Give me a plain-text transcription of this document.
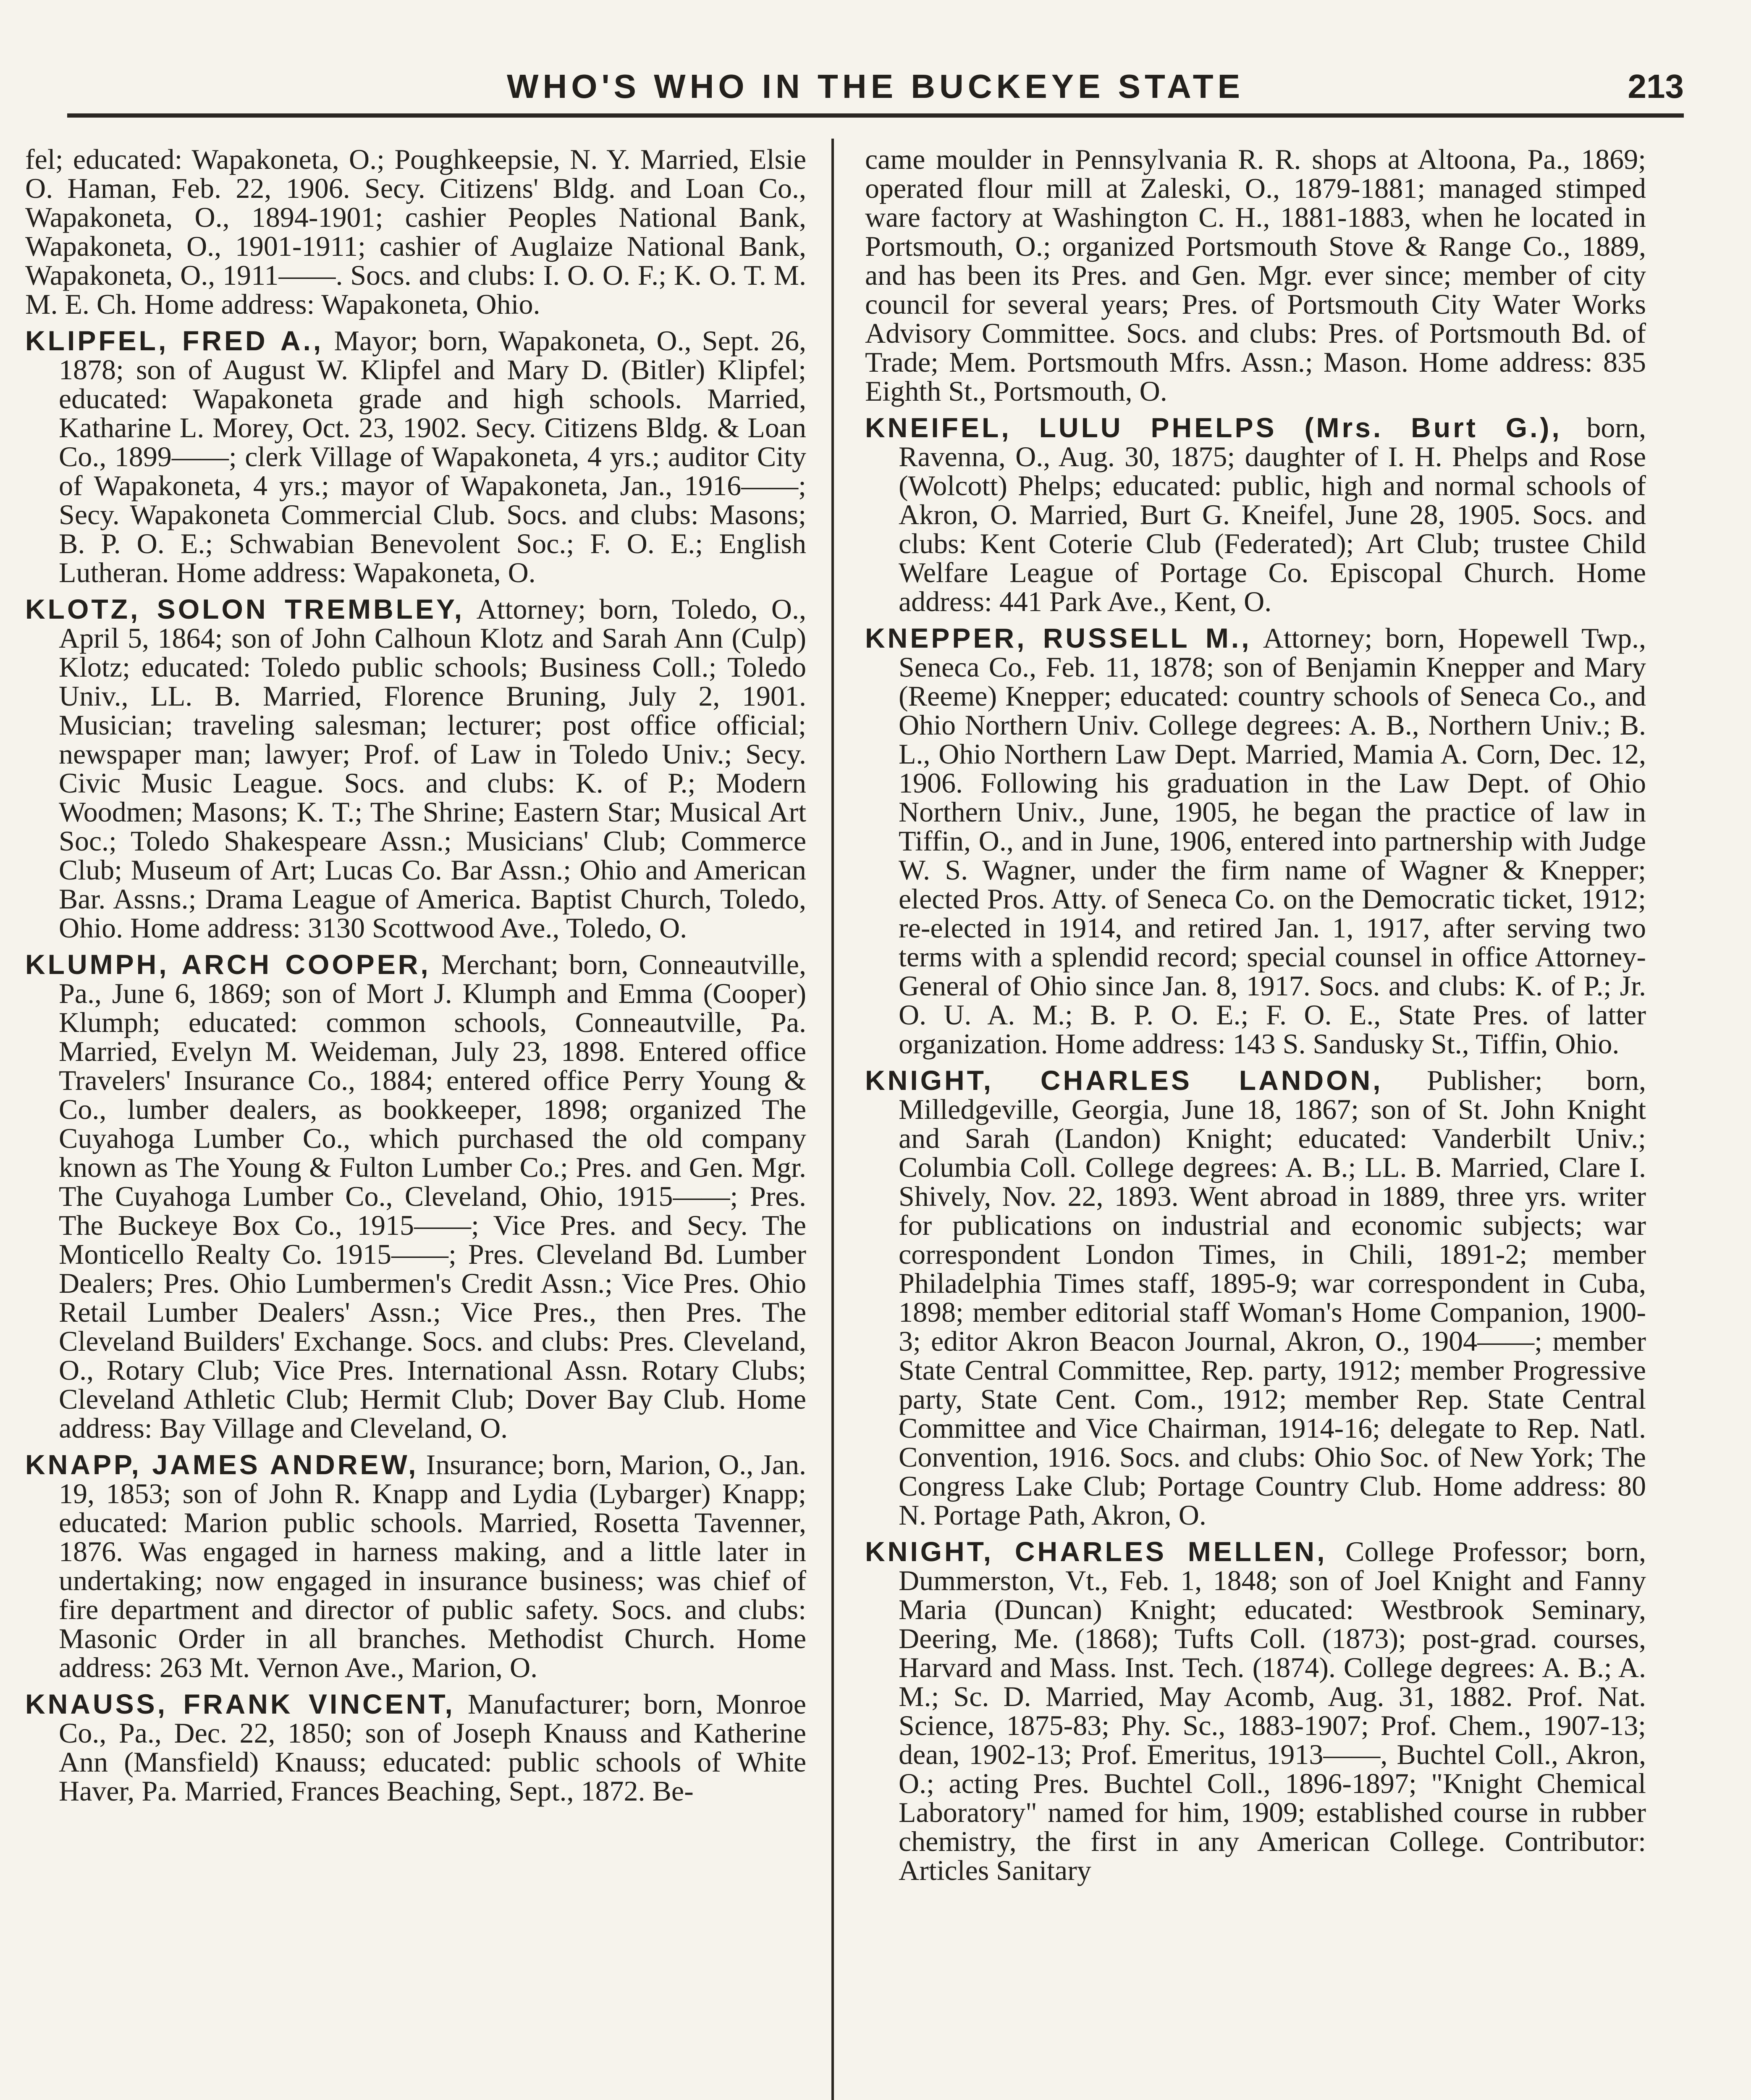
WHO'S WHO IN THE BUCKEYE STATE	213

fel; educated: Wapakoneta, O.; Poughkeepsie, N. Y. Married, Elsie O. Haman, Feb. 22, 1906. Secy. Citizens' Bldg. and Loan Co., Wapakoneta, O., 1894-1901; cashier Peoples National Bank, Wapakoneta, O., 1901-1911; cashier of Auglaize National Bank, Wapakoneta, O., 1911——. Socs. and clubs: I. O. O. F.; K. O. T. M. M. E. Ch. Home address: Wapakoneta, Ohio.

KLIPFEL, FRED A., Mayor; born, Wapakoneta, O., Sept. 26, 1878; son of August W. Klipfel and Mary D. (Bitler) Klipfel; educated: Wapakoneta grade and high schools. Married, Katharine L. Morey, Oct. 23, 1902. Secy. Citizens Bldg. & Loan Co., 1899——; clerk Village of Wapakoneta, 4 yrs.; auditor City of Wapakoneta, 4 yrs.; mayor of Wapakoneta, Jan., 1916——; Secy. Wapakoneta Commercial Club. Socs. and clubs: Masons; B. P. O. E.; Schwabian Benevolent Soc.; F. O. E.; English Lutheran. Home address: Wapakoneta, O.

KLOTZ, SOLON TREMBLEY, Attorney; born, Toledo, O., April 5, 1864; son of John Calhoun Klotz and Sarah Ann (Culp) Klotz; educated: Toledo public schools; Business Coll.; Toledo Univ., LL. B. Married, Florence Bruning, July 2, 1901. Musician; traveling salesman; lecturer; post office official; newspaper man; lawyer; Prof. of Law in Toledo Univ.; Secy. Civic Music League. Socs. and clubs: K. of P.; Modern Woodmen; Masons; K. T.; The Shrine; Eastern Star; Musical Art Soc.; Toledo Shakespeare Assn.; Musicians' Club; Commerce Club; Museum of Art; Lucas Co. Bar Assn.; Ohio and American Bar. Assns.; Drama League of America. Baptist Church, Toledo, Ohio. Home address: 3130 Scottwood Ave., Toledo, O.

KLUMPH, ARCH COOPER, Merchant; born, Conneautville, Pa., June 6, 1869; son of Mort J. Klumph and Emma (Cooper) Klumph; educated: common schools, Conneautville, Pa. Married, Evelyn M. Weideman, July 23, 1898. Entered office Travelers' Insurance Co., 1884; entered office Perry Young & Co., lumber dealers, as bookkeeper, 1898; organized The Cuyahoga Lumber Co., which purchased the old company known as The Young & Fulton Lumber Co.; Pres. and Gen. Mgr. The Cuyahoga Lumber Co., Cleveland, Ohio, 1915——; Pres. The Buckeye Box Co., 1915——; Vice Pres. and Secy. The Monticello Realty Co. 1915——; Pres. Cleveland Bd. Lumber Dealers; Pres. Ohio Lumbermen's Credit Assn.; Vice Pres. Ohio Retail Lumber Dealers' Assn.; Vice Pres., then Pres. The Cleveland Builders' Exchange. Socs. and clubs: Pres. Cleveland, O., Rotary Club; Vice Pres. International Assn. Rotary Clubs; Cleveland Athletic Club; Hermit Club; Dover Bay Club. Home address: Bay Village and Cleveland, O.

KNAPP, JAMES ANDREW, Insurance; born, Marion, O., Jan. 19, 1853; son of John R. Knapp and Lydia (Lybarger) Knapp; educated: Marion public schools. Married, Rosetta Tavenner, 1876. Was engaged in harness making, and a little later in undertaking; now engaged in insurance business; was chief of fire department and director of public safety. Socs. and clubs: Masonic Order in all branches. Methodist Church. Home address: 263 Mt. Vernon Ave., Marion, O.

KNAUSS, FRANK VINCENT, Manufacturer; born, Monroe Co., Pa., Dec. 22, 1850; son of Joseph Knauss and Katherine Ann (Mansfield) Knauss; educated: public schools of White Haver, Pa. Married, Frances Beaching, Sept., 1872. Be-

came moulder in Pennsylvania R. R. shops at Altoona, Pa., 1869; operated flour mill at Zaleski, O., 1879-1881; managed stimped ware factory at Washington C. H., 1881-1883, when he located in Portsmouth, O.; organized Portsmouth Stove & Range Co., 1889, and has been its Pres. and Gen. Mgr. ever since; member of city council for several years; Pres. of Portsmouth City Water Works Advisory Committee. Socs. and clubs: Pres. of Portsmouth Bd. of Trade; Mem. Portsmouth Mfrs. Assn.; Mason. Home address: 835 Eighth St., Portsmouth, O.

KNEIFEL, LULU PHELPS (Mrs. Burt G.), born, Ravenna, O., Aug. 30, 1875; daughter of I. H. Phelps and Rose (Wolcott) Phelps; educated: public, high and normal schools of Akron, O. Married, Burt G. Kneifel, June 28, 1905. Socs. and clubs: Kent Coterie Club (Federated); Art Club; trustee Child Welfare League of Portage Co. Episcopal Church. Home address: 441 Park Ave., Kent, O.

KNEPPER, RUSSELL M., Attorney; born, Hopewell Twp., Seneca Co., Feb. 11, 1878; son of Benjamin Knepper and Mary (Reeme) Knepper; educated: country schools of Seneca Co., and Ohio Northern Univ. College degrees: A. B., Northern Univ.; B. L., Ohio Northern Law Dept. Married, Mamia A. Corn, Dec. 12, 1906. Following his graduation in the Law Dept. of Ohio Northern Univ., June, 1905, he began the practice of law in Tiffin, O., and in June, 1906, entered into partnership with Judge W. S. Wagner, under the firm name of Wagner & Knepper; elected Pros. Atty. of Seneca Co. on the Democratic ticket, 1912; re-elected in 1914, and retired Jan. 1, 1917, after serving two terms with a splendid record; special counsel in office Attorney-General of Ohio since Jan. 8, 1917. Socs. and clubs: K. of P.; Jr. O. U. A. M.; B. P. O. E.; F. O. E., State Pres. of latter organization. Home address: 143 S. Sandusky St., Tiffin, Ohio.

KNIGHT, CHARLES LANDON, Publisher; born, Milledgeville, Georgia, June 18, 1867; son of St. John Knight and Sarah (Landon) Knight; educated: Vanderbilt Univ.; Columbia Coll. College degrees: A. B.; LL. B. Married, Clare I. Shively, Nov. 22, 1893. Went abroad in 1889, three yrs. writer for publications on industrial and economic subjects; war correspondent London Times, in Chili, 1891-2; member Philadelphia Times staff, 1895-9; war correspondent in Cuba, 1898; member editorial staff Woman's Home Companion, 1900-3; editor Akron Beacon Journal, Akron, O., 1904——; member State Central Committee, Rep. party, 1912; member Progressive party, State Cent. Com., 1912; member Rep. State Central Committee and Vice Chairman, 1914-16; delegate to Rep. Natl. Convention, 1916. Socs. and clubs: Ohio Soc. of New York; The Congress Lake Club; Portage Country Club. Home address: 80 N. Portage Path, Akron, O.

KNIGHT, CHARLES MELLEN, College Professor; born, Dummerston, Vt., Feb. 1, 1848; son of Joel Knight and Fanny Maria (Duncan) Knight; educated: Westbrook Seminary, Deering, Me. (1868); Tufts Coll. (1873); post-grad. courses, Harvard and Mass. Inst. Tech. (1874). College degrees: A. B.; A. M.; Sc. D. Married, May Acomb, Aug. 31, 1882. Prof. Nat. Science, 1875-83; Phy. Sc., 1883-1907; Prof. Chem., 1907-13; dean, 1902-13; Prof. Emeritus, 1913——, Buchtel Coll., Akron, O.; acting Pres. Buchtel Coll., 1896-1897; "Knight Chemical Laboratory" named for him, 1909; established course in rubber chemistry, the first in any American College. Contributor: Articles Sanitary
